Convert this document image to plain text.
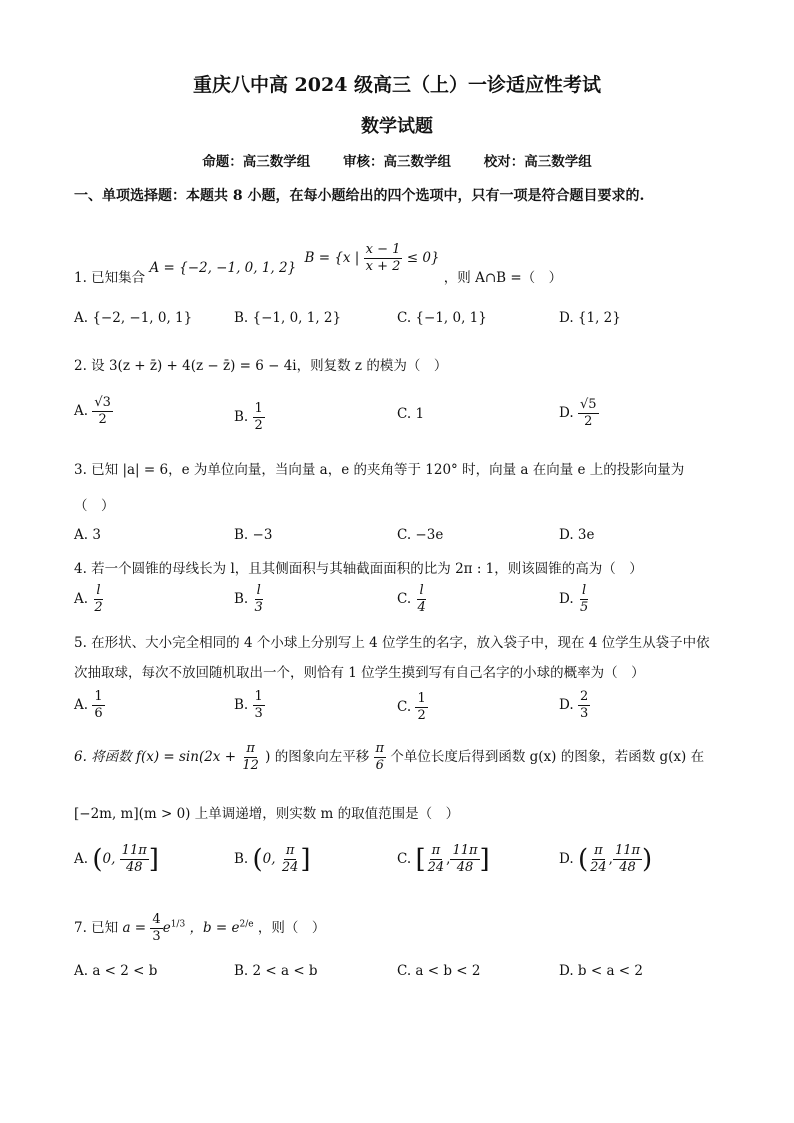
重庆八中高 2024 级高三（上）一诊适应性考试
数学试题
命题：高三数学组 审核：高三数学组 校对：高三数学组
一、单项选择题：本题共 8 小题，在每小题给出的四个选项中，只有一项是符合题目要求的.
1. 已知集合 A = {−2, −1, 0, 1, 2} B = {x | $\frac{x - 1}{x + 2} \le 0$} ，则 A∩B =（　）
A. {−2, −1, 0, 1}	B. {−1, 0, 1, 2}	C. {−1, 0, 1}	D. {1, 2}
2. 设 3(z + z̄) + 4(z − z̄) = 6 − 4i，则复数 z 的模为（　）
A. $\frac{√3}{2}$	B. $\frac{1}{2}$	C. 1	D. $\frac{√5}{2}$
3. 已知 |a| = 6，e 为单位向量，当向量 a，e 的夹角等于 120° 时，向量 a 在向量 e 上的投影向量为
（　）
A. 3	B. −3	C. −3e	D. 3e
4. 若一个圆锥的母线长为 l，且其侧面积与其轴截面面积的比为 2π : 1，则该圆锥的高为（　）
A. $\frac{l}{2}$	B. $\frac{l}{3}$	C. $\frac{l}{4}$	D. $\frac{l}{5}$
5. 在形状、大小完全相同的 4 个小球上分别写上 4 位学生的名字，放入袋子中，现在 4 位学生从袋子中依
次抽取球，每次不放回随机取出一个，则恰有 1 位学生摸到写有自己名字的小球的概率为（　）
A. $\frac{1}{6}$	B. $\frac{1}{3}$	C. $\frac{1}{2}$	D. $\frac{2}{3}$
6. 将函数 $f(x) = \sin(2x + \frac{\pi}{12}$ ) 的图象向左平移 $\frac{\pi}{6}$ 个单位长度后得到函数 g(x) 的图象，若函数 g(x) 在
[−2m, m](m > 0) 上单调递增，则实数 m 的取值范围是（　）
A. (0, $\frac{11\pi}{48}$ ]	B. (0, $\frac{\pi}{24}$ ]	C. [ $\frac{\pi}{24}$ , $\frac{11\pi}{48}$ ]	D. ( $\frac{\pi}{24}$ , $\frac{11\pi}{48}$ )
7. 已知 $a = \frac{4}{3} e^{1/3}$ ，$b = e^{2/e}$ ，则（　）
A. a < 2 < b	B. 2 < a < b	C. a < b < 2	D. b < a < 2
